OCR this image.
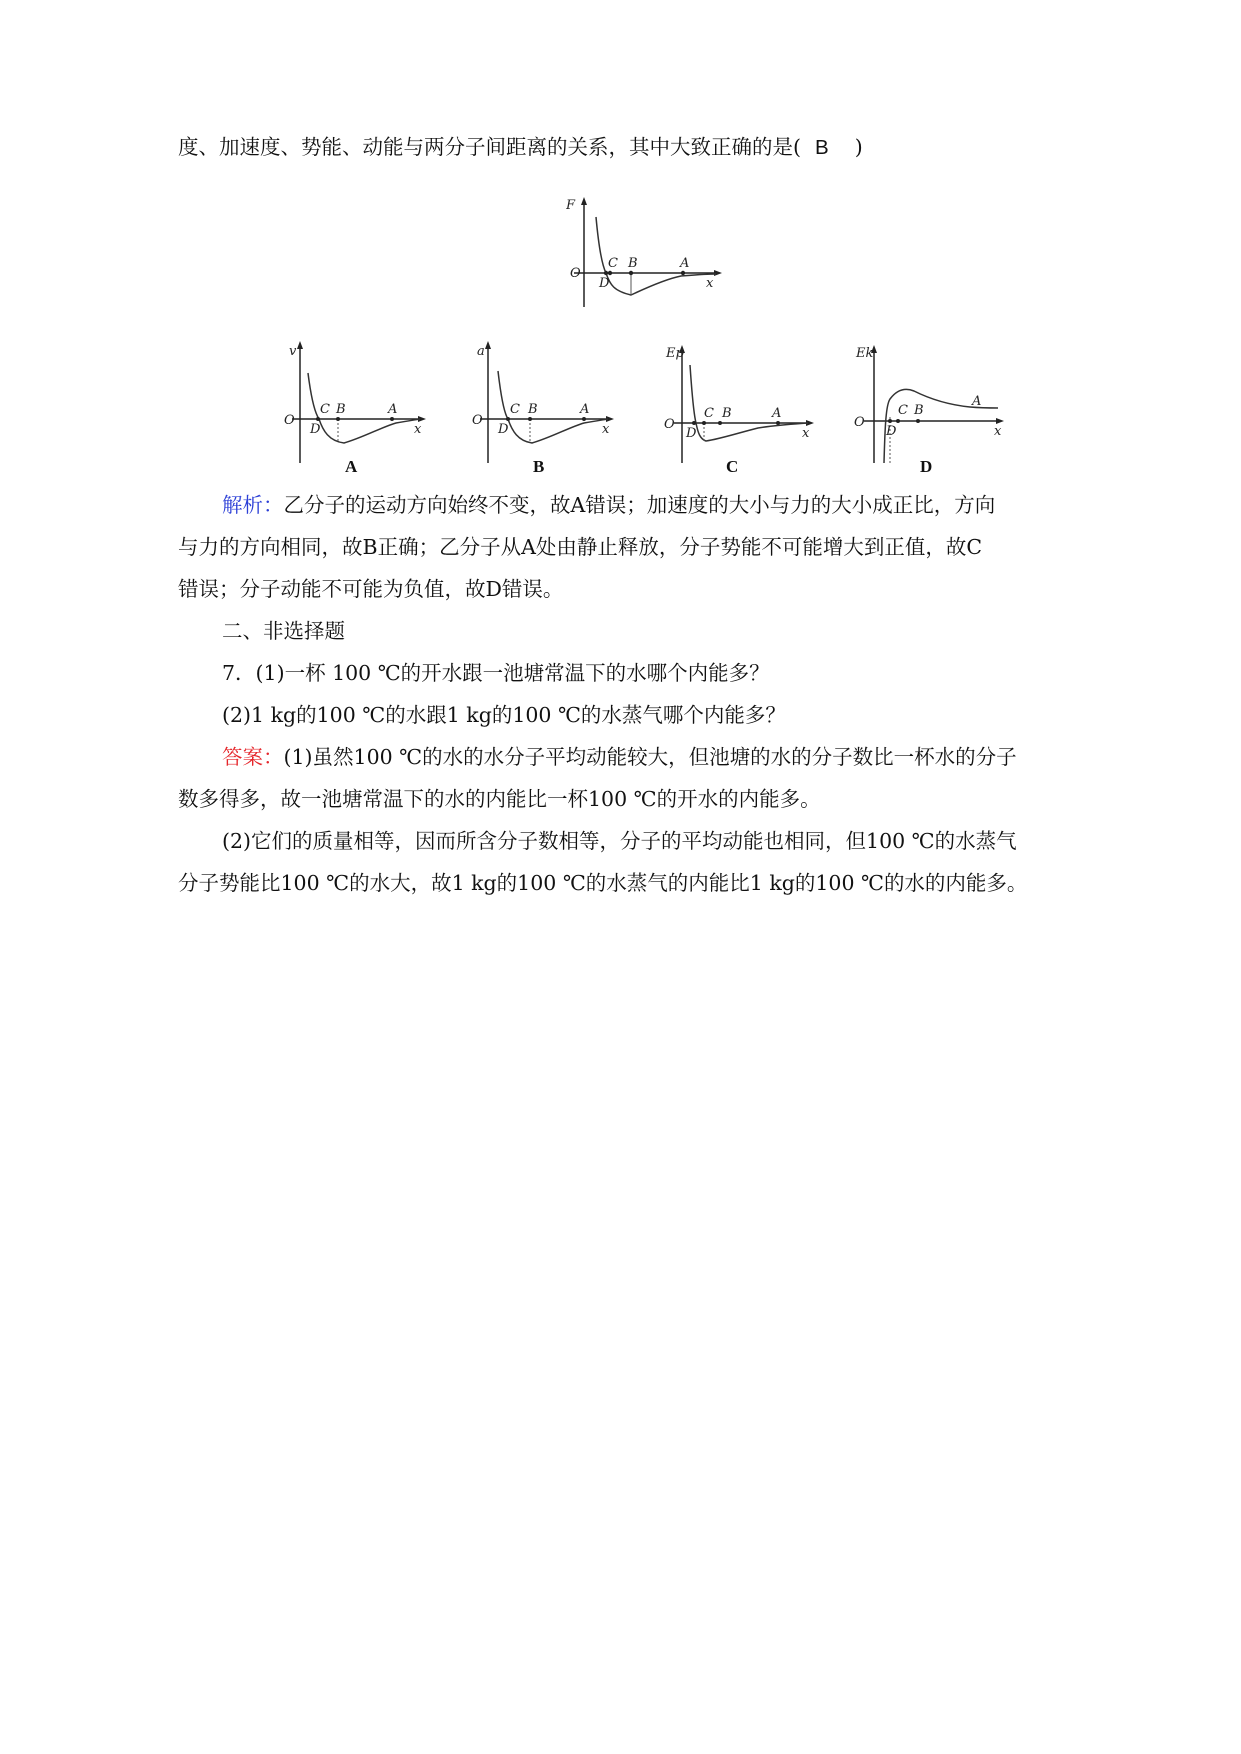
度、加速度、势能、动能与两分子间距离的关系，其中大致正确的是( B )
F
O
C B	A
D	x
v
O
C B	A
D	x
A
a
O
C B	A
D	x
B
Ep
O
C B	A
D	x
C
Ek
O
C B
A
D	x
D
解析：乙分子的运动方向始终不变，故A错误；加速度的大小与力的大小成正比，方向
与力的方向相同，故B正确；乙分子从A处由静止释放，分子势能不可能增大到正值，故C
错误；分子动能不可能为负值，故D错误。
二、非选择题
7．(1)一杯 100 ℃的开水跟一池塘常温下的水哪个内能多？
(2)1 kg的100 ℃的水跟1 kg的100 ℃的水蒸气哪个内能多？
答案：(1)虽然100 ℃的水的水分子平均动能较大，但池塘的水的分子数比一杯水的分子
数多得多，故一池塘常温下的水的内能比一杯100 ℃的开水的内能多。
(2)它们的质量相等，因而所含分子数相等，分子的平均动能也相同，但100 ℃的水蒸气
分子势能比100 ℃的水大，故1 kg的100 ℃的水蒸气的内能比1 kg的100 ℃的水的内能多。
